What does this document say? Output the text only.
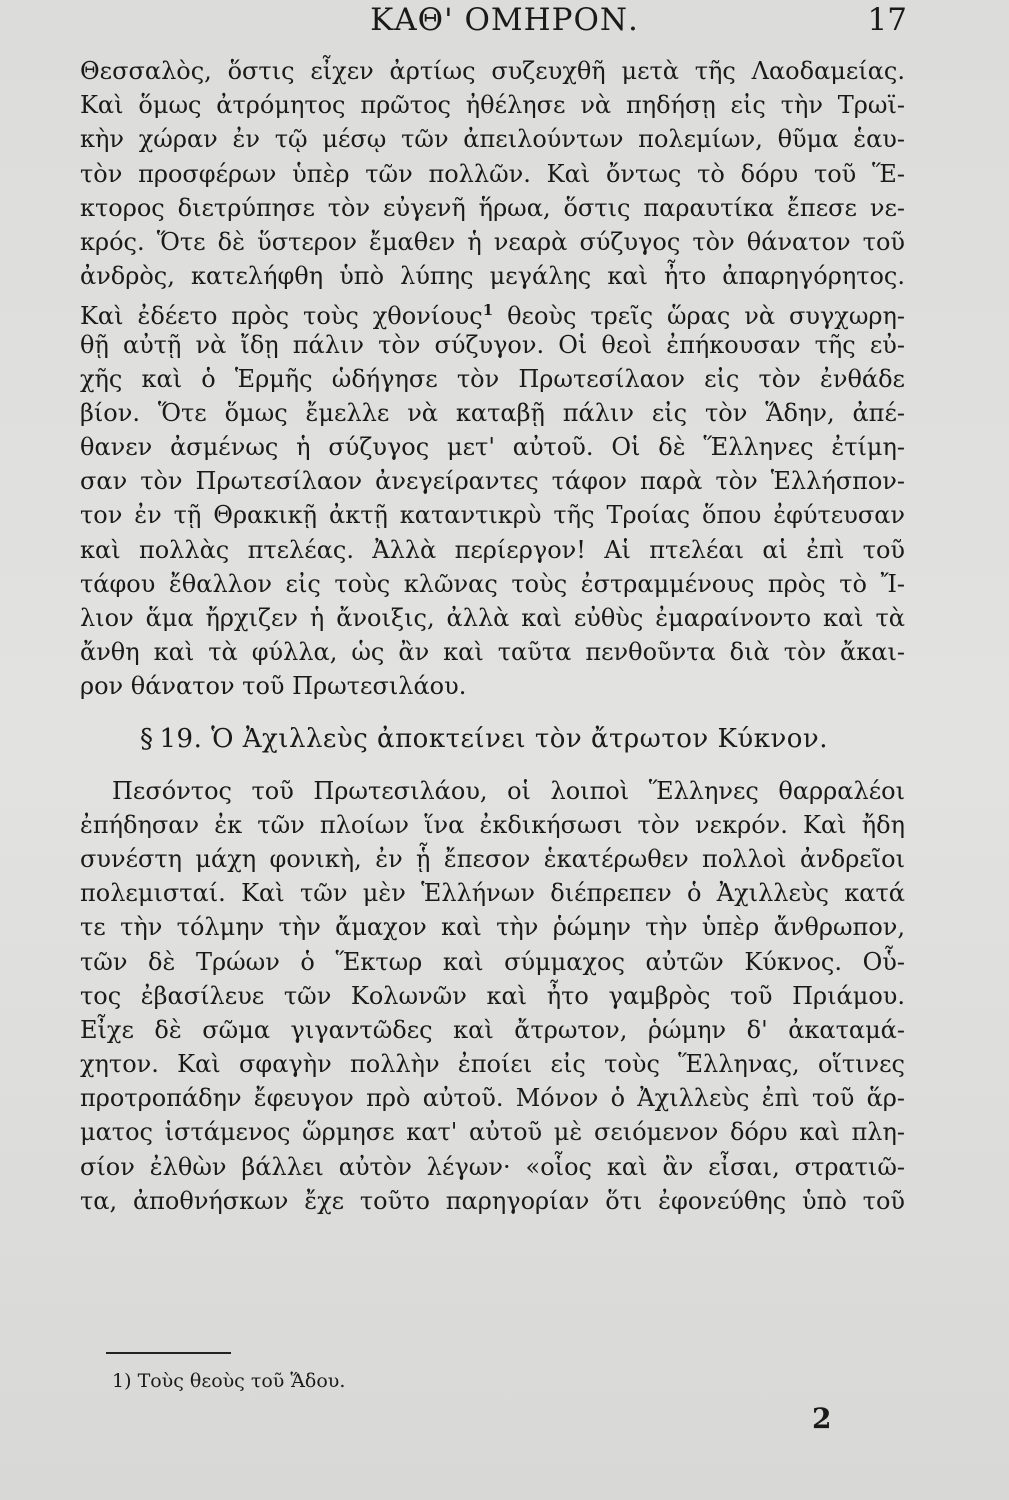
ΚΑΘ' ΟΜΗΡΟΝ.	17
Θεσσαλὸς, ὅστις εἶχεν ἀρτίως συζευχθῆ μετὰ τῆς Λαοδαμείας.
Καὶ ὅμως ἀτρόμητος πρῶτος ἠθέλησε νὰ πηδήσῃ εἰς τὴν Τρωϊ-
κὴν χώραν ἐν τῷ μέσῳ τῶν ἀπειλούντων πολεμίων, θῦμα ἑαυ-
τὸν προσφέρων ὑπὲρ τῶν πολλῶν. Καὶ ὄντως τὸ δόρυ τοῦ Ἕ-
κτορος διετρύπησε τὸν εὐγενῆ ἥρωα, ὅστις παραυτίκα ἔπεσε νε-
κρός. Ὅτε δὲ ὕστερον ἔμαθεν ἡ νεαρὰ σύζυγος τὸν θάνατον τοῦ
ἀνδρὸς, κατελήφθη ὑπὸ λύπης μεγάλης καὶ ἦτο ἀπαρηγόρητος.
Καὶ ἐδέετο πρὸς τοὺς χθονίους$^1$ θεοὺς τρεῖς ὥρας νὰ συγχωρη-
θῇ αὐτῇ νὰ ἴδῃ πάλιν τὸν σύζυγον. Οἱ θεοὶ ἐπήκουσαν τῆς εὐ-
χῆς καὶ ὁ Ἑρμῆς ὡδήγησε τὸν Πρωτεσίλαον εἰς τὸν ἐνθάδε
βίον. Ὅτε ὅμως ἔμελλε νὰ καταβῇ πάλιν εἰς τὸν Ἅδην, ἀπέ-
θανεν ἀσμένως ἡ σύζυγος μετ' αὐτοῦ. Οἱ δὲ Ἕλληνες ἐτίμη-
σαν τὸν Πρωτεσίλαον ἀνεγείραντες τάφον παρὰ τὸν Ἑλλήσπον-
τον ἐν τῇ Θρακικῇ ἀκτῇ καταντικρὺ τῆς Τροίας ὅπου ἐφύτευσαν
καὶ πολλὰς πτελέας. Ἀλλὰ περίεργον! Αἱ πτελέαι αἱ ἐπὶ τοῦ
τάφου ἔθαλλον εἰς τοὺς κλῶνας τοὺς ἐστραμμένους πρὸς τὸ Ἴ-
λιον ἅμα ἤρχιζεν ἡ ἄνοιξις, ἀλλὰ καὶ εὐθὺς ἐμαραίνοντο καὶ τὰ
ἄνθη καὶ τὰ φύλλα, ὡς ἂν καὶ ταῦτα πενθοῦντα διὰ τὸν ἄκαι-
ρον θάνατον τοῦ Πρωτεσιλάου.
§ 19. Ὁ Ἀχιλλεὺς ἀποκτείνει τὸν ἄτρωτον Κύκνον.
Πεσόντος τοῦ Πρωτεσιλάου, οἱ λοιποὶ Ἕλληνες θαρραλέοι
ἐπήδησαν ἐκ τῶν πλοίων ἵνα ἐκδικήσωσι τὸν νεκρόν. Καὶ ἤδη
συνέστη μάχη φονικὴ, ἐν ᾗ ἔπεσον ἑκατέρωθεν πολλοὶ ἀνδρεῖοι
πολεμισταί. Καὶ τῶν μὲν Ἑλλήνων διέπρεπεν ὁ Ἀχιλλεὺς κατά
τε τὴν τόλμην τὴν ἄμαχον καὶ τὴν ῥώμην τὴν ὑπὲρ ἄνθρωπον,
τῶν δὲ Τρώων ὁ Ἕκτωρ καὶ σύμμαχος αὐτῶν Κύκνος. Οὗ-
τος ἐβασίλευε τῶν Κολωνῶν καὶ ἦτο γαμβρὸς τοῦ Πριάμου.
Εἶχε δὲ σῶμα γιγαντῶδες καὶ ἄτρωτον, ῥώμην δ' ἀκαταμά-
χητον. Καὶ σφαγὴν πολλὴν ἐποίει εἰς τοὺς Ἕλληνας, οἵτινες
προτροπάδην ἔφευγον πρὸ αὐτοῦ. Μόνον ὁ Ἀχιλλεὺς ἐπὶ τοῦ ἅρ-
ματος ἱστάμενος ὥρμησε κατ' αὐτοῦ μὲ σειόμενον δόρυ καὶ πλη-
σίον ἐλθὼν βάλλει αὐτὸν λέγων· «οἷος καὶ ἂν εἶσαι, στρατιῶ-
τα, ἀποθνήσκων ἔχε τοῦτο παρηγορίαν ὅτι ἐφονεύθης ὑπὸ τοῦ
1) Τοὺς θεοὺς τοῦ Ἅδου.
2
